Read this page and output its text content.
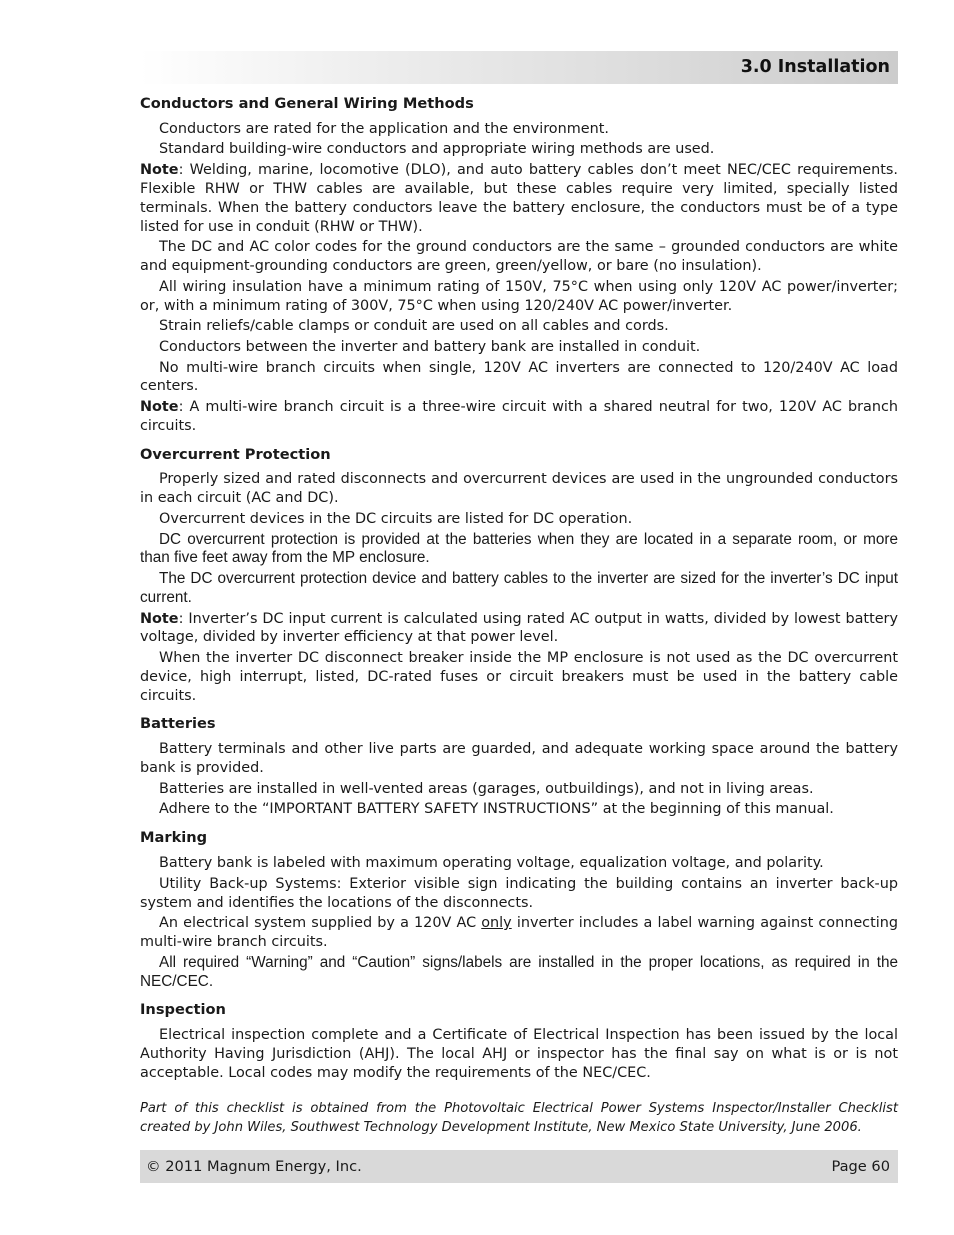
3.0 Installation
Conductors and General Wiring Methods

Conductors are rated for the application and the environment.

Standard building-wire conductors and appropriate wiring methods are used.

Note: Welding, marine, locomotive (DLO), and auto battery cables don’t meet NEC/CEC requirements. Flexible RHW or THW cables are available, but these cables require very limited, specially listed terminals. When the battery conductors leave the battery enclosure, the conductors must be of a type listed for use in conduit (RHW or THW).

The DC and AC color codes for the ground conductors are the same – grounded conductors are white and equipment-grounding conductors are green, green/yellow, or bare (no insulation).

All wiring insulation have a minimum rating of 150V, 75°C when using only 120V AC power/inverter; or, with a minimum rating of 300V, 75°C when using 120/240V AC power/inverter.

Strain reliefs/cable clamps or conduit are used on all cables and cords.

Conductors between the inverter and battery bank are installed in conduit.

No multi-wire branch circuits when single, 120V AC inverters are connected to 120/240V AC load centers.

Note: A multi-wire branch circuit is a three-wire circuit with a shared neutral for two, 120V AC branch circuits.

Overcurrent Protection

Properly sized and rated disconnects and overcurrent devices are used in the ungrounded conductors in each circuit (AC and DC).

Overcurrent devices in the DC circuits are listed for DC operation.

DC overcurrent protection is provided at the batteries when they are located in a separate room, or more than five feet away from the MP enclosure.

The DC overcurrent protection device and battery cables to the inverter are sized for the inverter’s DC input current.

Note: Inverter’s DC input current is calculated using rated AC output in watts, divided by lowest battery voltage, divided by inverter efficiency at that power level.

When the inverter DC disconnect breaker inside the MP enclosure is not used as the DC overcurrent device, high interrupt, listed, DC-rated fuses or circuit breakers must be used in the battery cable circuits.

Batteries

Battery terminals and other live parts are guarded, and adequate working space around the battery bank is provided.

Batteries are installed in well-vented areas (garages, outbuildings), and not in living areas.

Adhere to the “IMPORTANT BATTERY SAFETY INSTRUCTIONS” at the beginning of this manual.

Marking

Battery bank is labeled with maximum operating voltage, equalization voltage, and polarity.

Utility Back-up Systems: Exterior visible sign indicating the building contains an inverter back-up system and identifies the locations of the disconnects.

An electrical system supplied by a 120V AC only inverter includes a label warning against connecting multi-wire branch circuits.

All required “Warning” and “Caution” signs/labels are installed in the proper locations, as required in the NEC/CEC.

Inspection

Electrical inspection complete and a Certificate of Electrical Inspection has been issued by the local Authority Having Jurisdiction (AHJ). The local AHJ or inspector has the final say on what is or is not acceptable. Local codes may modify the requirements of the NEC/CEC.

Part of this checklist is obtained from the Photovoltaic Electrical Power Systems Inspector/Installer Checklist created by John Wiles, Southwest Technology Development Institute, New Mexico State University, June 2006.
© 2011 Magnum Energy, Inc.	Page 60
